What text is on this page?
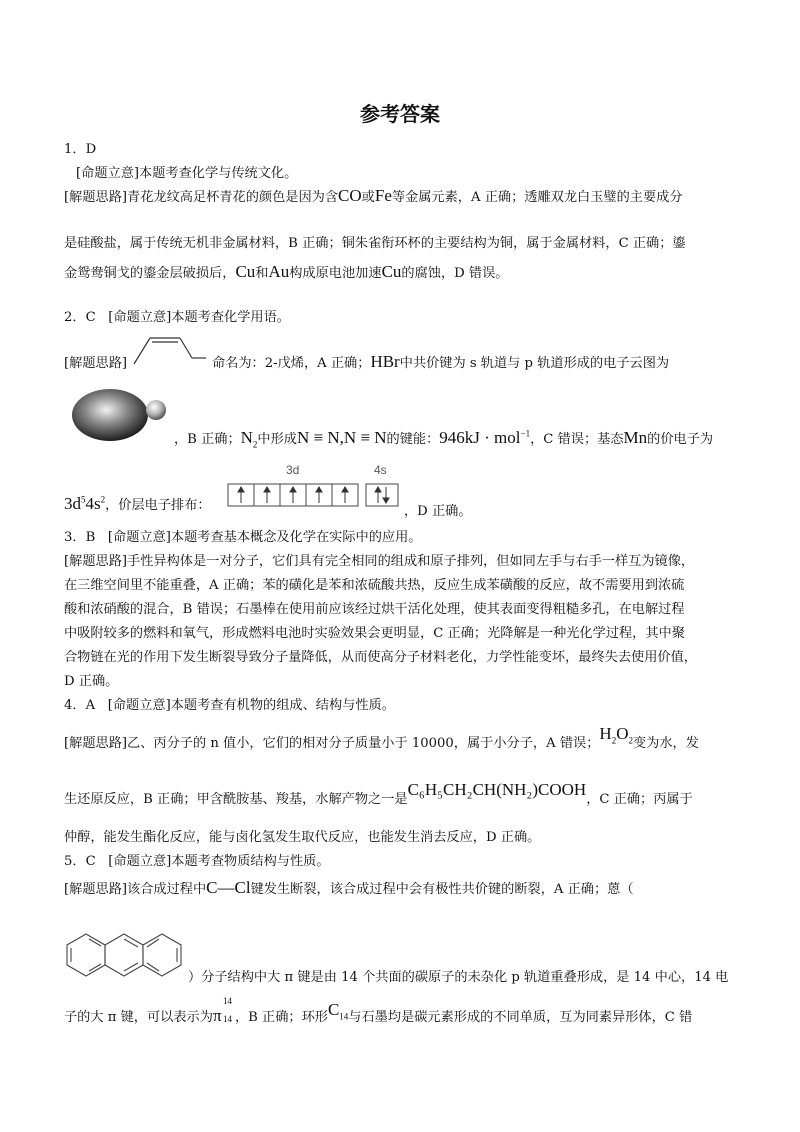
参考答案
1．D
[命题立意]本题考查化学与传统文化。
[解题思路]青花龙纹高足杯青花的颜色是因为含CO或Fe等金属元素，A 正确；透雕双龙白玉璧的主要成分
是硅酸盐，属于传统无机非金属材料，B 正确；铜朱雀衔环杯的主要结构为铜，属于金属材料，C 正确；鎏
金鸳鸯铜戈的鎏金层破损后，Cu和Au构成原电池加速Cu的腐蚀，D 错误。
2．C [命题立意]本题考查化学用语。
[解题思路]	命名为：2-戊烯，A 正确；HBr中共价键为 s 轨道与 p 轨道形成的电子云图为
，B 正确；$N_2$中形成N ≡ N,N ≡ N的键能：946kJ · mol$^{-1}$，C 错误；基态Mn的价电子为
3d	4s
$3d^54s^2$，价层电子排布：	，D 正确。
3．B [命题立意]本题考查基本概念及化学在实际中的应用。
[解题思路]手性异构体是一对分子，它们具有完全相同的组成和原子排列，但如同左手与右手一样互为镜像，
在三维空间里不能重叠，A 正确；苯的磺化是苯和浓硫酸共热，反应生成苯磺酸的反应，故不需要用到浓硫
酸和浓硝酸的混合，B 错误；石墨棒在使用前应该经过烘干活化处理，使其表面变得粗糙多孔，在电解过程
中吸附较多的燃料和氧气，形成燃料电池时实验效果会更明显，C 正确；光降解是一种光化学过程，其中聚
合物链在光的作用下发生断裂导致分子量降低，从而使高分子材料老化，力学性能变坏，最终失去使用价值，
D 正确。
4．A [命题立意]本题考查有机物的组成、结构与性质。
[解题思路]乙、丙分子的 n 值小，它们的相对分子质量小于 10000，属于小分子，A 错误；$H_2O_2$变为水，发
生还原反应，B 正确；甲含酰胺基、羧基，水解产物之一是C₆H₅CH₂CH(NH₂)COOH，C 正确；丙属于
仲醇，能发生酯化反应，能与卤化氢发生取代反应，也能发生消去反应，D 正确。
5．C [命题立意]本题考查物质结构与性质。
[解题思路]该合成过程中C—Cl键发生断裂，该合成过程中会有极性共价键的断裂，A 正确；蒽（
）分子结构中大 π 键是由 14 个共面的碳原子的未杂化 p 轨道重叠形成，是 14 中心，14 电
子的大 π 键，可以表示为π
14
14 ，B 正确；环形$C_{14}$与石墨均是碳元素形成的不同单质，互为同素异形体，C 错
